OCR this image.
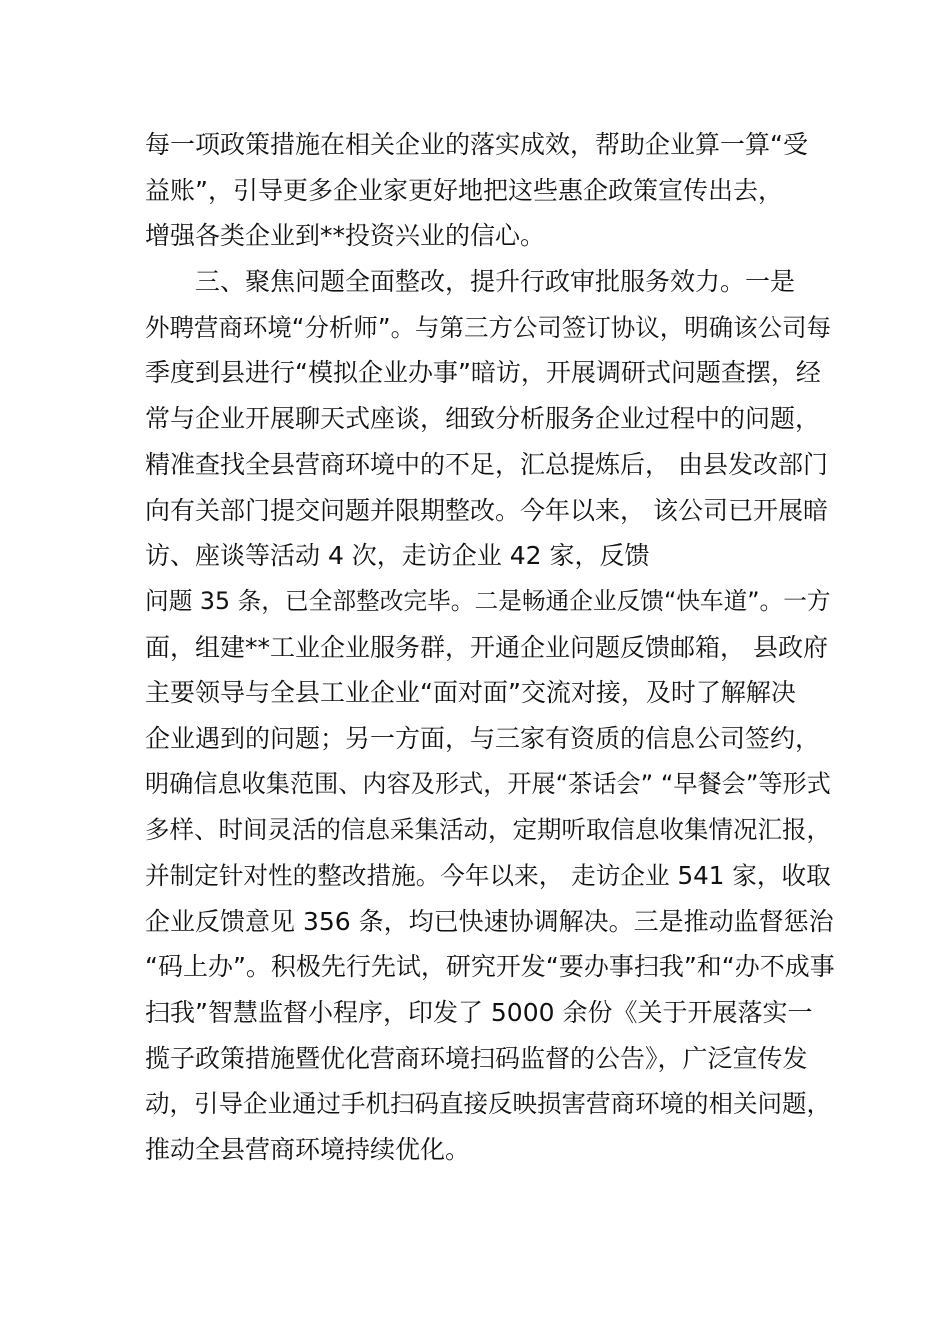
每一项政策措施在相关企业的落实成效，帮助企业算一算“受
益账”，引导更多企业家更好地把这些惠企政策宣传出去，
增强各类企业到**投资兴业的信心。
　　三、聚焦问题全面整改，提升行政审批服务效力。一是
外聘营商环境“分析师”。与第三方公司签订协议，明确该公司每
季度到县进行“模拟企业办事”暗访，开展调研式问题查摆，经
常与企业开展聊天式座谈，细致分析服务企业过程中的问题，
精准查找全县营商环境中的不足，汇总提炼后， 由县发改部门
向有关部门提交问题并限期整改。今年以来， 该公司已开展暗
访、座谈等活动 4 次，走访企业 42 家，反馈
问题 35 条，已全部整改完毕。二是畅通企业反馈“快车道”。一方
面，组建**工业企业服务群，开通企业问题反馈邮箱， 县政府
主要领导与全县工业企业“面对面”交流对接，及时了解解决
企业遇到的问题；另一方面，与三家有资质的信息公司签约，
明确信息收集范围、内容及形式，开展“茶话会” “早餐会”等形式
多样、时间灵活的信息采集活动，定期听取信息收集情况汇报，
并制定针对性的整改措施。今年以来， 走访企业 541 家，收取
企业反馈意见 356 条，均已快速协调解决。三是推动监督惩治
“码上办”。积极先行先试，研究开发“要办事扫我”和“办不成事
扫我”智慧监督小程序，印发了 5000 余份《关于开展落实一
揽子政策措施暨优化营商环境扫码监督的公告》，广泛宣传发
动，引导企业通过手机扫码直接反映损害营商环境的相关问题，
推动全县营商环境持续优化。
